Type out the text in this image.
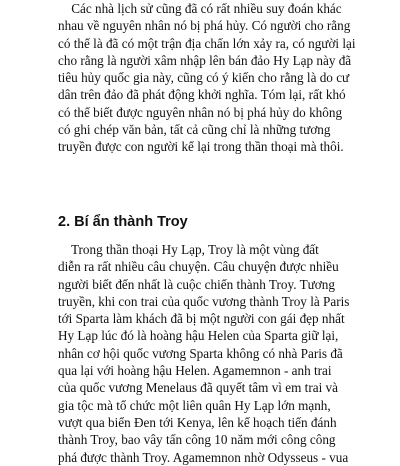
Các nhà lịch sử cũng đã có rất nhiều suy đoán khác
nhau về nguyên nhân nó bị phá hủy. Có người cho rằng
có thể là đã có một trận địa chấn lớn xảy ra, có người lại
cho rằng là người xâm nhập lên bán đảo Hy Lạp này đã
tiêu hủy quốc gia này, cũng có ý kiến cho rằng là do cư
dân trên đảo đã phát động khởi nghĩa. Tóm lại, rất khó
có thể biết được nguyên nhân nó bị phá hủy do không
có ghi chép văn bản, tất cả cũng chỉ là những tương
truyền được con người kể lại trong thần thoại mà thôi.

2. Bí ẩn thành Troy

Trong thần thoại Hy Lạp, Troy là một vùng đất
diễn ra rất nhiều câu chuyện. Câu chuyện được nhiều
người biết đến nhất là cuộc chiến thành Troy. Tương
truyền, khi con trai của quốc vương thành Troy là Paris
tới Sparta làm khách đã bị một người con gái đẹp nhất
Hy Lạp lúc đó là hoàng hậu Helen của Sparta giữ lại,
nhân cơ hội quốc vương Sparta không có nhà Paris đã
qua lại với hoàng hậu Helen. Agamemnon - anh trai
của quốc vương Menelaus đã quyết tâm vì em trai và
gia tộc mà tổ chức một liên quân Hy Lạp lớn mạnh,
vượt qua biển Đen tới Kenya, lên kế hoạch tiến đánh
thành Troy, bao vây tấn công 10 năm mới công công
phá được thành Troy. Agamemnon nhờ Odysseus - vua
